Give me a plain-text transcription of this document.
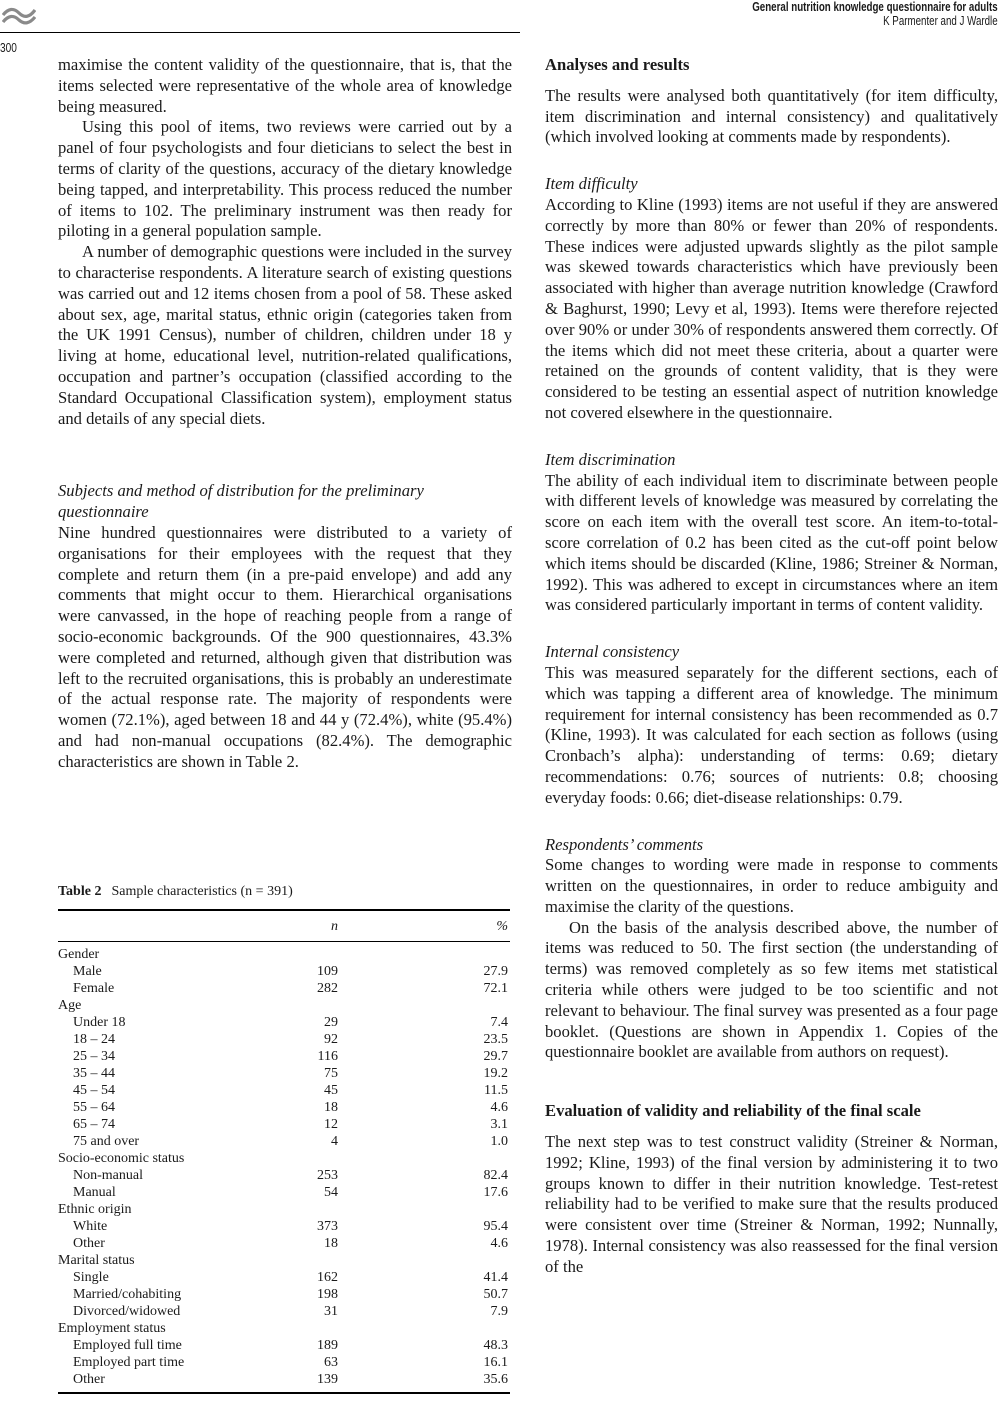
General nutrition knowledge questionnaire for adults
K Parmenter and J Wardle
300

maximise the content validity of the questionnaire, that is, that the items selected were representative of the whole area of knowledge being measured.

Using this pool of items, two reviews were carried out by a panel of four psychologists and four dieticians to select the best in terms of clarity of the questions, accuracy of the dietary knowledge being tapped, and interpretability. This process reduced the number of items to 102. The preliminary instrument was then ready for piloting in a general population sample.

A number of demographic questions were included in the survey to characterise respondents. A literature search of existing questions was carried out and 12 items chosen from a pool of 58. These asked about sex, age, marital status, ethnic origin (categories taken from the UK 1991 Census), number of children, children under 18 y living at home, educational level, nutrition-related qualifications, occupation and partner’s occupation (classified according to the Standard Occupational Classification system), employment status and details of any special diets.

Subjects and method of distribution for the preliminary questionnaire

Nine hundred questionnaires were distributed to a variety of organisations for their employees with the request that they complete and return them (in a pre-paid envelope) and add any comments that might occur to them. Hierarchical organisations were canvassed, in the hope of reaching people from a range of socio-economic backgrounds. Of the 900 questionnaires, 43.3% were completed and returned, although given that distribution was left to the recruited organisations, this is probably an underestimate of the actual response rate. The majority of respondents were women (72.1%), aged between 18 and 44 y (72.4%), white (95.4%) and had non-manual occupations (82.4%). The demographic characteristics are shown in Table 2.

Table 2 Sample characteristics (n = 391)
	n	%
Gender		
Male	109	27.9
Female	282	72.1
Age		
Under 18	29	7.4
18 – 24	92	23.5
25 – 34	116	29.7
35 – 44	75	19.2
45 – 54	45	11.5
55 – 64	18	4.6
65 – 74	12	3.1
75 and over	4	1.0
Socio-economic status		
Non-manual	253	82.4
Manual	54	17.6
Ethnic origin		
White	373	95.4
Other	18	4.6
Marital status		
Single	162	41.4
Married/cohabiting	198	50.7
Divorced/widowed	31	7.9
Employment status		
Employed full time	189	48.3
Employed part time	63	16.1
Other	139	35.6
Analyses and results

The results were analysed both quantitatively (for item difficulty, item discrimination and internal consistency) and qualitatively (which involved looking at comments made by respondents).

Item difficulty

According to Kline (1993) items are not useful if they are answered correctly by more than 80% or fewer than 20% of respondents. These indices were adjusted upwards slightly as the pilot sample was skewed towards characteristics which have previously been associated with higher than average nutrition knowledge (Crawford & Baghurst, 1990; Levy et al, 1993). Items were therefore rejected over 90% or under 30% of respondents answered them correctly. Of the items which did not meet these criteria, about a quarter were retained on the grounds of content validity, that is they were considered to be testing an essential aspect of nutrition knowledge not covered elsewhere in the questionnaire.

Item discrimination

The ability of each individual item to discriminate between people with different levels of knowledge was measured by correlating the score on each item with the overall test score. An item-to-total-score correlation of 0.2 has been cited as the cut-off point below which items should be discarded (Kline, 1986; Streiner & Norman, 1992). This was adhered to except in circumstances where an item was considered particularly important in terms of content validity.

Internal consistency

This was measured separately for the different sections, each of which was tapping a different area of knowledge. The minimum requirement for internal consistency has been recommended as 0.7 (Kline, 1993). It was calculated for each section as follows (using Cronbach’s alpha): understanding of terms: 0.69; dietary recommendations: 0.76; sources of nutrients: 0.8; choosing everyday foods: 0.66; diet-disease relationships: 0.79.

Respondents’ comments

Some changes to wording were made in response to comments written on the questionnaires, in order to reduce ambiguity and maximise the clarity of the questions.

On the basis of the analysis described above, the number of items was reduced to 50. The first section (the understanding of terms) was removed completely as so few items met statistical criteria while others were judged to be too scientific and not relevant to behaviour. The final survey was presented as a four page booklet. (Questions are shown in Appendix 1. Copies of the questionnaire booklet are available from authors on request).

Evaluation of validity and reliability of the final scale

The next step was to test construct validity (Streiner & Norman, 1992; Kline, 1993) of the final version by administering it to two groups known to differ in their nutrition knowledge. Test-retest reliability had to be verified to make sure that the results produced were consistent over time (Streiner & Norman, 1992; Nunnally, 1978). Internal consistency was also reassessed for the final version of the
